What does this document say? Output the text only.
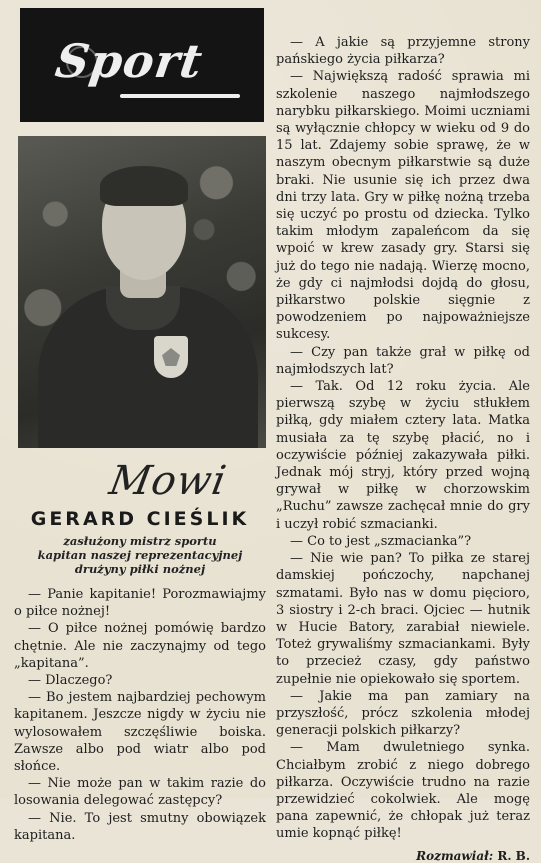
Sport
Mowi
GERARD CIEŚLIK
zasłużony mistrz sportu
kapitan naszej reprezentacyjnej
drużyny piłki nożnej

— Panie kapitanie! Porozmawiajmy o piłce nożnej!

— O piłce nożnej pomówię bardzo chętnie. Ale nie zaczynajmy od tego „kapitana”.

— Dlaczego?

— Bo jestem najbardziej pechowym kapitanem. Jeszcze nigdy w życiu nie wylosowałem szczęśliwie boiska. Zawsze albo pod wiatr albo pod słońce.

— Nie może pan w takim razie do losowania delegować zastępcy?

— Nie. To jest smutny obowiązek kapitana.

— A jakie są przyjemne strony pańskiego życia piłkarza?

— Największą radość sprawia mi szkolenie naszego najmłodszego narybku piłkarskiego. Moimi uczniami są wyłącznie chłopcy w wieku od 9 do 15 lat. Zdajemy sobie sprawę, że w naszym obecnym piłkarstwie są duże braki. Nie usunie się ich przez dwa dni trzy lata. Gry w piłkę nożną trzeba się uczyć po prostu od dziecka. Tylko takim młodym zapaleńcom da się wpoić w krew zasady gry. Starsi się już do tego nie nadają. Wierzę mocno, że gdy ci najmłodsi dojdą do głosu, piłkarstwo polskie sięgnie z powodzeniem po najpoważniejsze sukcesy.

— Czy pan także grał w piłkę od najmłodszych lat?

— Tak. Od 12 roku życia. Ale pierwszą szybę w życiu stłukłem piłką, gdy miałem cztery lata. Matka musiała za tę szybę płacić, no i oczywiście później zakazywała piłki. Jednak mój stryj, który przed wojną grywał w piłkę w chorzowskim „Ruchu” zawsze zachęcał mnie do gry i uczył robić szmacianki.

— Co to jest „szmacianka”?

— Nie wie pan? To piłka ze starej damskiej pończochy, napchanej szmatami. Było nas w domu pięcioro, 3 siostry i 2-ch braci. Ojciec — hutnik w Hucie Batory, zarabiał niewiele. Toteż grywaliśmy szmaciankami. Były to przecież czasy, gdy państwo zupełnie nie opiekowało się sportem.

— Jakie ma pan zamiary na przyszłość, prócz szkolenia młodej generacji polskich piłkarzy?

— Mam dwuletniego synka. Chciałbym zrobić z niego dobrego piłkarza. Oczywiście trudno na razie przewidzieć cokolwiek. Ale mogę pana zapewnić, że chłopak już teraz umie kopnąć piłkę!

Rozmawiał: R. B.
